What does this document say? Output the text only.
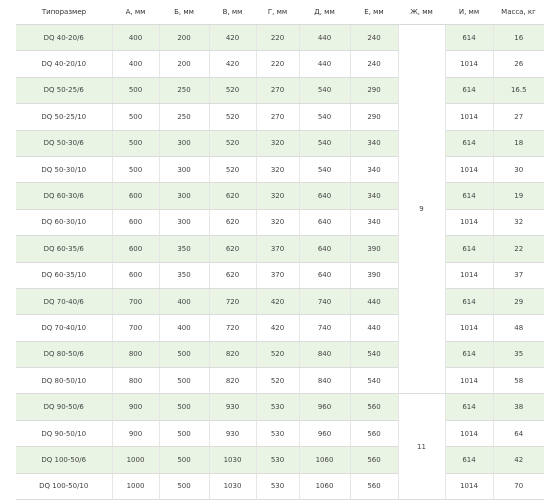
Типоразмер	А, мм	Б, мм	В, мм	Г, мм	Д, мм	Е, мм	Ж, мм	И, мм	Масса, кг
DQ 40-20/6	400	200	420	220	440	240	9	614	16
DQ 40-20/10	400	200	420	220	440	240		1014	26
DQ 50-25/6	500	250	520	270	540	290		614	16.5
DQ 50-25/10	500	250	520	270	540	290		1014	27
DQ 50-30/6	500	300	520	320	540	340		614	18
DQ 50-30/10	500	300	520	320	540	340		1014	30
DQ 60-30/6	600	300	620	320	640	340		614	19
DQ 60-30/10	600	300	620	320	640	340		1014	32
DQ 60-35/6	600	350	620	370	640	390		614	22
DQ 60-35/10	600	350	620	370	640	390		1014	37
DQ 70-40/6	700	400	720	420	740	440		614	29
DQ 70-40/10	700	400	720	420	740	440		1014	48
DQ 80-50/6	800	500	820	520	840	540		614	35
DQ 80-50/10	800	500	820	520	840	540		1014	58
DQ 90-50/6	900	500	930	530	960	560	11	614	38
DQ 90-50/10	900	500	930	530	960	560		1014	64
DQ 100-50/6	1000	500	1030	530	1060	560		614	42
DQ 100-50/10	1000	500	1030	530	1060	560		1014	70
